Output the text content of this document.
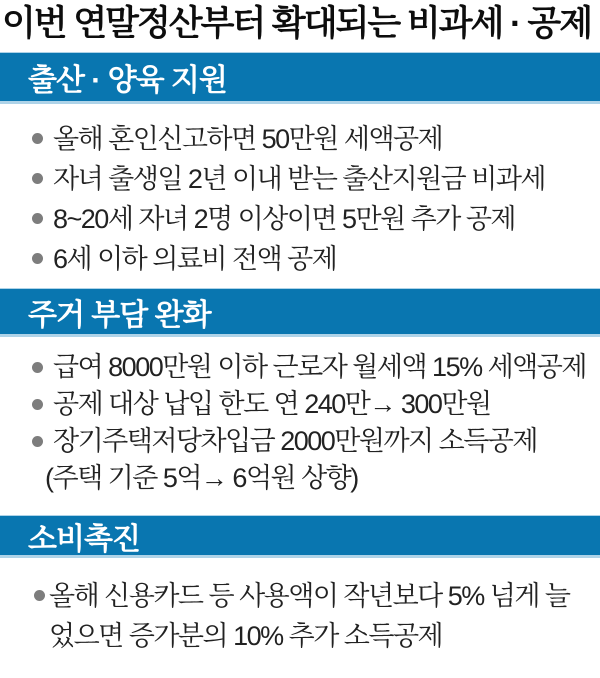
이번 연말정산부터 확대되는 비과세 · 공제
출산 · 양육 지원
올해 혼인신고하면 50만원 세액공제
자녀 출생일 2년 이내 받는 출산지원금 비과세
8~20세 자녀 2명 이상이면 5만원 추가 공제
6세 이하 의료비 전액 공제
주거 부담 완화
급여 8000만원 이하 근로자 월세액 15% 세액공제
공제 대상 납입 한도 연 240만→ 300만원
장기주택저당차입금 2000만원까지 소득공제
(주택 기준 5억→ 6억원 상향)
소비촉진
올해 신용카드 등 사용액이 작년보다 5% 넘게 늘었으면 증가분의 10% 추가 소득공제
